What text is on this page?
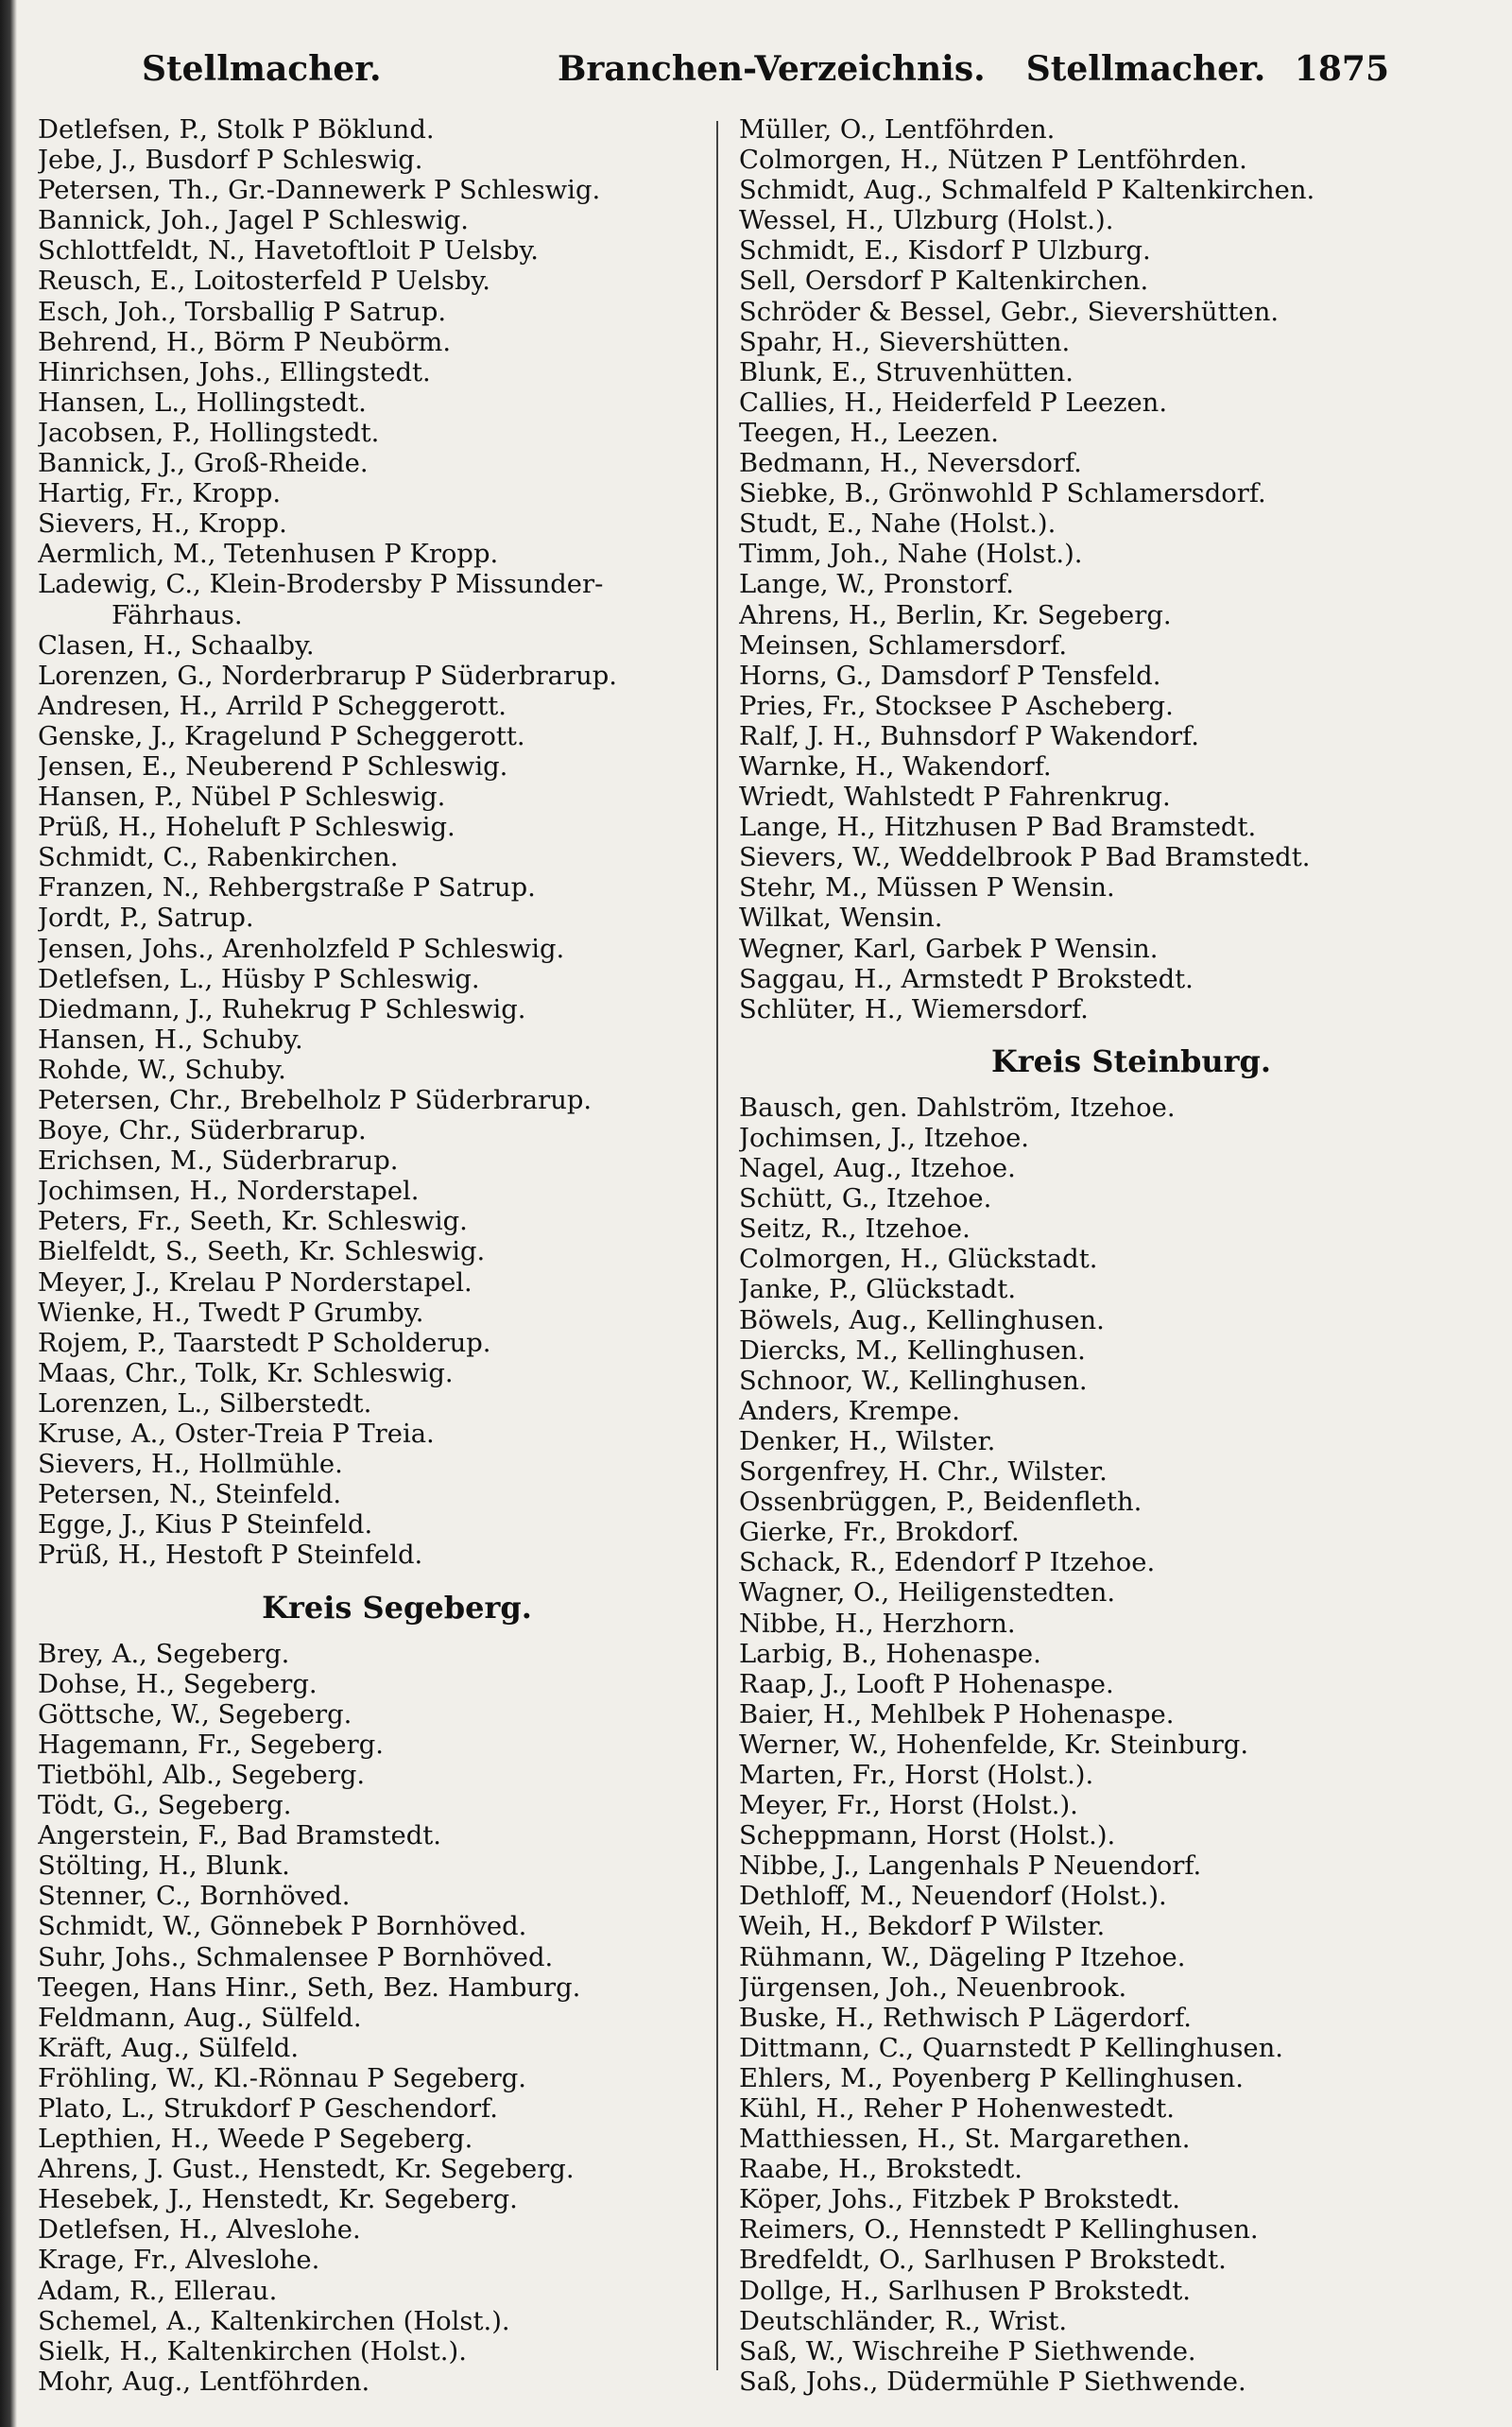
Stellmacher.	Branchen-Verzeichnis. Stellmacher. 1875
Detlefsen, P., Stolk P Böklund.
Jebe, J., Busdorf P Schleswig.
Petersen, Th., Gr.-Dannewerk P Schleswig.
Bannick, Joh., Jagel P Schleswig.
Schlottfeldt, N., Havetoftloit P Uelsby.
Reusch, E., Loitosterfeld P Uelsby.
Esch, Joh., Torsballig P Satrup.
Behrend, H., Börm P Neubörm.
Hinrichsen, Johs., Ellingstedt.
Hansen, L., Hollingstedt.
Jacobsen, P., Hollingstedt.
Bannick, J., Groß-Rheide.
Hartig, Fr., Kropp.
Sievers, H., Kropp.
Aermlich, M., Tetenhusen P Kropp.
Ladewig, C., Klein-Brodersby P Missunder-
Fährhaus.
Clasen, H., Schaalby.
Lorenzen, G., Norderbrarup P Süderbrarup.
Andresen, H., Arrild P Scheggerott.
Genske, J., Kragelund P Scheggerott.
Jensen, E., Neuberend P Schleswig.
Hansen, P., Nübel P Schleswig.
Prüß, H., Hoheluft P Schleswig.
Schmidt, C., Rabenkirchen.
Franzen, N., Rehbergstraße P Satrup.
Jordt, P., Satrup.
Jensen, Johs., Arenholzfeld P Schleswig.
Detlefsen, L., Hüsby P Schleswig.
Diedmann, J., Ruhekrug P Schleswig.
Hansen, H., Schuby.
Rohde, W., Schuby.
Petersen, Chr., Brebelholz P Süderbrarup.
Boye, Chr., Süderbrarup.
Erichsen, M., Süderbrarup.
Jochimsen, H., Norderstapel.
Peters, Fr., Seeth, Kr. Schleswig.
Bielfeldt, S., Seeth, Kr. Schleswig.
Meyer, J., Krelau P Norderstapel.
Wienke, H., Twedt P Grumby.
Rojem, P., Taarstedt P Scholderup.
Maas, Chr., Tolk, Kr. Schleswig.
Lorenzen, L., Silberstedt.
Kruse, A., Oster-Treia P Treia.
Sievers, H., Hollmühle.
Petersen, N., Steinfeld.
Egge, J., Kius P Steinfeld.
Prüß, H., Hestoft P Steinfeld.
Kreis Segeberg.
Brey, A., Segeberg.
Dohse, H., Segeberg.
Göttsche, W., Segeberg.
Hagemann, Fr., Segeberg.
Tietböhl, Alb., Segeberg.
Tödt, G., Segeberg.
Angerstein, F., Bad Bramstedt.
Stölting, H., Blunk.
Stenner, C., Bornhöved.
Schmidt, W., Gönnebek P Bornhöved.
Suhr, Johs., Schmalensee P Bornhöved.
Teegen, Hans Hinr., Seth, Bez. Hamburg.
Feldmann, Aug., Sülfeld.
Kräft, Aug., Sülfeld.
Fröhling, W., Kl.-Rönnau P Segeberg.
Plato, L., Strukdorf P Geschendorf.
Lepthien, H., Weede P Segeberg.
Ahrens, J. Gust., Henstedt, Kr. Segeberg.
Hesebek, J., Henstedt, Kr. Segeberg.
Detlefsen, H., Alveslohe.
Krage, Fr., Alveslohe.
Adam, R., Ellerau.
Schemel, A., Kaltenkirchen (Holst.).
Sielk, H., Kaltenkirchen (Holst.).
Mohr, Aug., Lentföhrden.
Müller, O., Lentföhrden.
Colmorgen, H., Nützen P Lentföhrden.
Schmidt, Aug., Schmalfeld P Kaltenkirchen.
Wessel, H., Ulzburg (Holst.).
Schmidt, E., Kisdorf P Ulzburg.
Sell, Oersdorf P Kaltenkirchen.
Schröder & Bessel, Gebr., Sievershütten.
Spahr, H., Sievershütten.
Blunk, E., Struvenhütten.
Callies, H., Heiderfeld P Leezen.
Teegen, H., Leezen.
Bedmann, H., Neversdorf.
Siebke, B., Grönwohld P Schlamersdorf.
Studt, E., Nahe (Holst.).
Timm, Joh., Nahe (Holst.).
Lange, W., Pronstorf.
Ahrens, H., Berlin, Kr. Segeberg.
Meinsen, Schlamersdorf.
Horns, G., Damsdorf P Tensfeld.
Pries, Fr., Stocksee P Ascheberg.
Ralf, J. H., Buhnsdorf P Wakendorf.
Warnke, H., Wakendorf.
Wriedt, Wahlstedt P Fahrenkrug.
Lange, H., Hitzhusen P Bad Bramstedt.
Sievers, W., Weddelbrook P Bad Bramstedt.
Stehr, M., Müssen P Wensin.
Wilkat, Wensin.
Wegner, Karl, Garbek P Wensin.
Saggau, H., Armstedt P Brokstedt.
Schlüter, H., Wiemersdorf.
Kreis Steinburg.
Bausch, gen. Dahlström, Itzehoe.
Jochimsen, J., Itzehoe.
Nagel, Aug., Itzehoe.
Schütt, G., Itzehoe.
Seitz, R., Itzehoe.
Colmorgen, H., Glückstadt.
Janke, P., Glückstadt.
Böwels, Aug., Kellinghusen.
Diercks, M., Kellinghusen.
Schnoor, W., Kellinghusen.
Anders, Krempe.
Denker, H., Wilster.
Sorgenfrey, H. Chr., Wilster.
Ossenbrüggen, P., Beidenfleth.
Gierke, Fr., Brokdorf.
Schack, R., Edendorf P Itzehoe.
Wagner, O., Heiligenstedten.
Nibbe, H., Herzhorn.
Larbig, B., Hohenaspe.
Raap, J., Looft P Hohenaspe.
Baier, H., Mehlbek P Hohenaspe.
Werner, W., Hohenfelde, Kr. Steinburg.
Marten, Fr., Horst (Holst.).
Meyer, Fr., Horst (Holst.).
Scheppmann, Horst (Holst.).
Nibbe, J., Langenhals P Neuendorf.
Dethloff, M., Neuendorf (Holst.).
Weih, H., Bekdorf P Wilster.
Rühmann, W., Dägeling P Itzehoe.
Jürgensen, Joh., Neuenbrook.
Buske, H., Rethwisch P Lägerdorf.
Dittmann, C., Quarnstedt P Kellinghusen.
Ehlers, M., Poyenberg P Kellinghusen.
Kühl, H., Reher P Hohenwestedt.
Matthiessen, H., St. Margarethen.
Raabe, H., Brokstedt.
Köper, Johs., Fitzbek P Brokstedt.
Reimers, O., Hennstedt P Kellinghusen.
Bredfeldt, O., Sarlhusen P Brokstedt.
Dollge, H., Sarlhusen P Brokstedt.
Deutschländer, R., Wrist.
Saß, W., Wischreihe P Siethwende.
Saß, Johs., Düdermühle P Siethwende.
